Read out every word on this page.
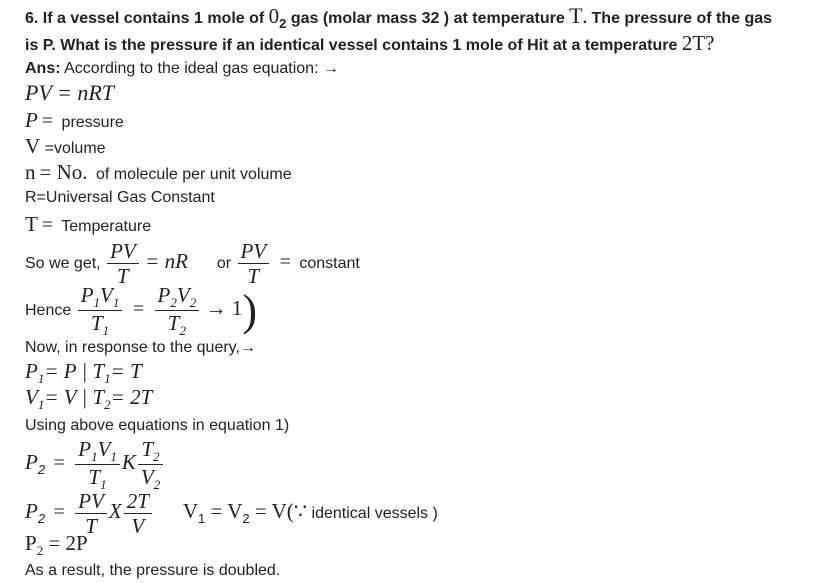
6. If a vessel contains 1 mole of $0_2$ gas (molar mass 32 ) at temperature T. The pressure of the gas
is P. What is the pressure if an identical vessel contains 1 mole of Hit at a temperature 2T?
Ans: According to the ideal gas equation: →
PV = nRT
P = pressure
V =volume
n = No. of molecule per unit volume
R=Universal Gas Constant
T = Temperature
So we get, $\frac{PV}{T}$ = nR or $\frac{PV}{T}$ = constant
Hence $\frac{P_1V_1}{T_1} = \frac{P_2V_2}{T_2} \to 1$)
Now, in response to the query,→
$P_1= P$ | $T_1= T$
$V_1= V$ | $T_2= 2T$
Using above equations in equation 1)
$P_2 = \frac{P_1V_1}{T_1}$ K $\frac{T_2}{V_2}$
$P_2 = \frac{PV}{T}$ X $\frac{2T}{V} V_1 = V_2$ = V(∵ identical vessels )
$P_2 = 2P$
As a result, the pressure is doubled.
